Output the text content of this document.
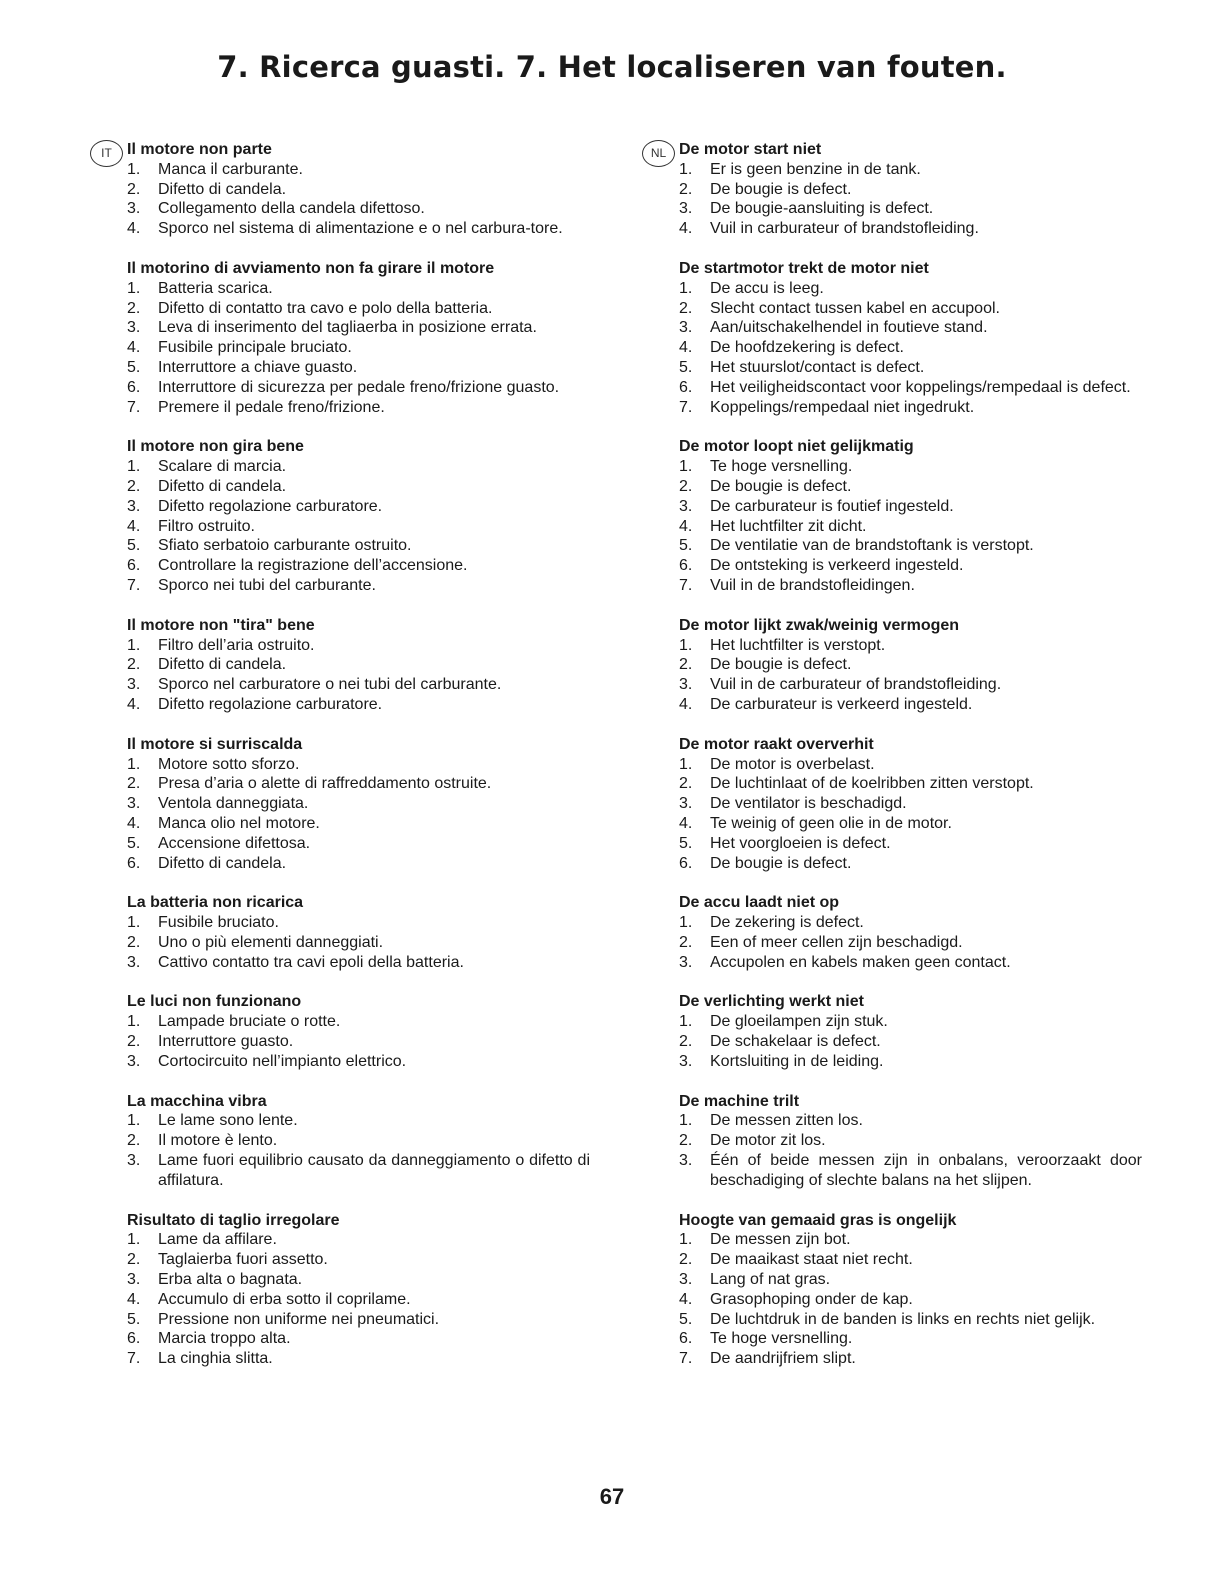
7. Ricerca guasti. 7. Het localiseren van fouten.
IT Il motore non parte
1.	Manca il carburante.
2.	Difetto di candela.
3.	Collegamento della candela difettoso.
4.	Sporco nel sistema di alimentazione e o nel carbura-tore.
Il motorino di avviamento non fa girare il motore
1.	Batteria scarica.
2.	Difetto di contatto tra cavo e polo della batteria.
3.	Leva di inserimento del tagliaerba in posizione errata.
4.	Fusibile principale bruciato.
5.	Interruttore a chiave guasto.
6.	Interruttore di sicurezza per pedale freno/frizione guasto.
7.	Premere il pedale freno/frizione.
Il motore non gira bene
1.	Scalare di marcia.
2.	Difetto di candela.
3.	Difetto regolazione carburatore.
4.	Filtro ostruito.
5.	Sfiato serbatoio carburante ostruito.
6.	Controllare la registrazione dell’accensione.
7.	Sporco nei tubi del carburante.
Il motore non "tira" bene
1.	Filtro dell’aria ostruito.
2.	Difetto di candela.
3.	Sporco nel carburatore o nei tubi del carburante.
4.	Difetto regolazione carburatore.
Il motore si surriscalda
1.	Motore sotto sforzo.
2.	Presa d’aria o alette di raffreddamento ostruite.
3.	Ventola danneggiata.
4.	Manca olio nel motore.
5.	Accensione difettosa.
6.	Difetto di candela.
La batteria non ricarica
1.	Fusibile bruciato.
2.	Uno o più elementi danneggiati.
3.	Cattivo contatto tra cavi epoli della batteria.
Le luci non funzionano
1.	Lampade bruciate o rotte.
2.	Interruttore guasto.
3.	Cortocircuito nell’impianto elettrico.
La macchina vibra
1.	Le lame sono lente.
2.	Il motore è lento.
3.	Lame fuori equilibrio causato da danneggiamento o difetto di affilatura.
Risultato di taglio irregolare
1.	Lame da affilare.
2.	Taglaierba fuori assetto.
3.	Erba alta o bagnata.
4.	Accumulo di erba sotto il coprilame.
5.	Pressione non uniforme nei pneumatici.
6.	Marcia troppo alta.
7.	La cinghia slitta.
NL De motor start niet
1.	Er is geen benzine in de tank.
2.	De bougie is defect.
3.	De bougie-aansluiting is defect.
4.	Vuil in carburateur of brandstofleiding.
De startmotor trekt de motor niet
1.	De accu is leeg.
2.	Slecht contact tussen kabel en accupool.
3.	Aan/uitschakelhendel in foutieve stand.
4.	De hoofdzekering is defect.
5.	Het stuurslot/contact is defect.
6.	Het veiligheidscontact voor koppelings/rempedaal is defect.
7.	Koppelings/rempedaal niet ingedrukt.
De motor loopt niet gelijkmatig
1.	Te hoge versnelling.
2.	De bougie is defect.
3.	De carburateur is foutief ingesteld.
4.	Het luchtfilter zit dicht.
5.	De ventilatie van de brandstoftank is verstopt.
6.	De ontsteking is verkeerd ingesteld.
7.	Vuil in de brandstofleidingen.
De motor lijkt zwak/weinig vermogen
1.	Het luchtfilter is verstopt.
2.	De bougie is defect.
3.	Vuil in de carburateur of brandstofleiding.
4.	De carburateur is verkeerd ingesteld.
De motor raakt oververhit
1.	De motor is overbelast.
2.	De luchtinlaat of de koelribben zitten verstopt.
3.	De ventilator is beschadigd.
4.	Te weinig of geen olie in de motor.
5.	Het voorgloeien is defect.
6.	De bougie is defect.
De accu laadt niet op
1.	De zekering is defect.
2.	Een of meer cellen zijn beschadigd.
3.	Accupolen en kabels maken geen contact.
De verlichting werkt niet
1.	De gloeilampen zijn stuk.
2.	De schakelaar is defect.
3.	Kortsluiting in de leiding.
De machine trilt
1.	De messen zitten los.
2.	De motor zit los.
3.	Één of beide messen zijn in onbalans, veroorzaakt door beschadiging of slechte balans na het slijpen.
Hoogte van gemaaid gras is ongelijk
1.	De messen zijn bot.
2.	De maaikast staat niet recht.
3.	Lang of nat gras.
4.	Grasophoping onder de kap.
5.	De luchtdruk in de banden is links en rechts niet gelijk.
6.	Te hoge versnelling.
7.	De aandrijfriem slipt.
67
